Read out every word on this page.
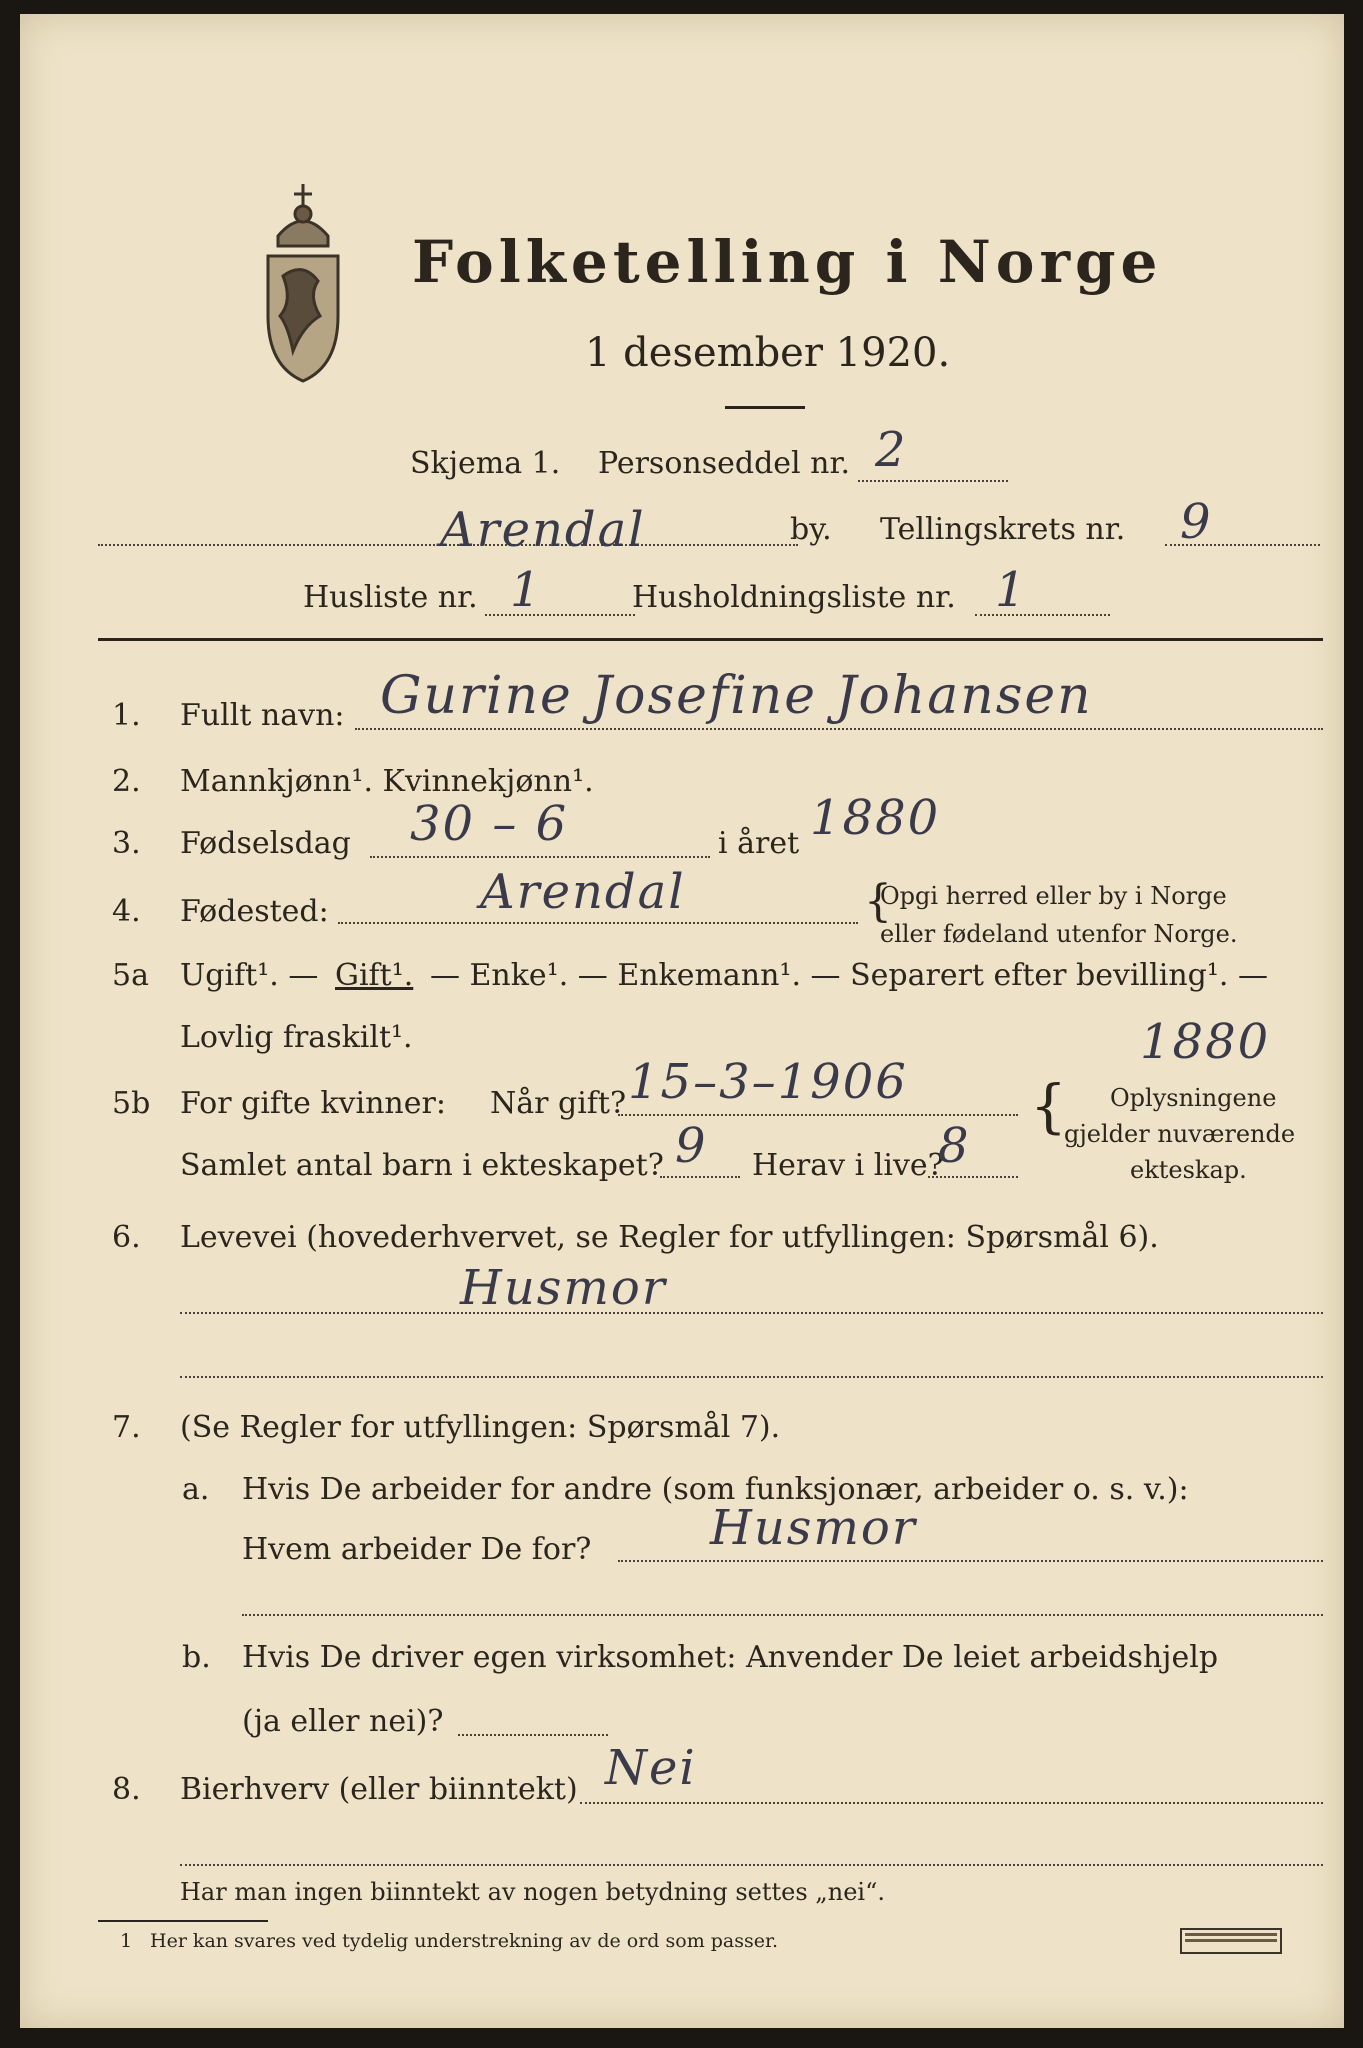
Folketelling i Norge
1 desember 1920.
Skjema 1. Personseddel nr. 2
Arendal	by. Tellingskrets nr. 9
Husliste nr. 1	Husholdningsliste nr. 1
1. Fullt navn: Gurine Josefine Johansen
2. Mannkjønn¹. Kvinnekjønn¹.
3. Fødselsdag 30 – 6	i året 1880
4. Fødested:	Arendal	Opgi herred eller by i Norge
eller fødeland utenfor Norge.
{
5a Ugift¹. — Gift¹. — Enke¹. — Enkemann¹. — Separert efter bevilling¹. —
Lovlig fraskilt¹.
5b For gifte kvinner: Når gift? 15–3–1906
1880
Samlet antal barn i ekteskapet? 9 Herav i live?
8
{ Oplysningene
gjelder nuværende
ekteskap.
6. Levevei (hovederhvervet, se Regler for utfyllingen: Spørsmål 6).
Husmor
7. (Se Regler for utfyllingen: Spørsmål 7).
a. Hvis De arbeider for andre (som funksjonær, arbeider o. s. v.):
Hvem arbeider De for? Husmor
b. Hvis De driver egen virksomhet: Anvender De leiet arbeidshjelp
(ja eller nei)?
8. Bierhverv (eller biinntekt) Nei
Har man ingen biinntekt av nogen betydning settes „nei“.
1 Her kan svares ved tydelig understrekning av de ord som passer.
